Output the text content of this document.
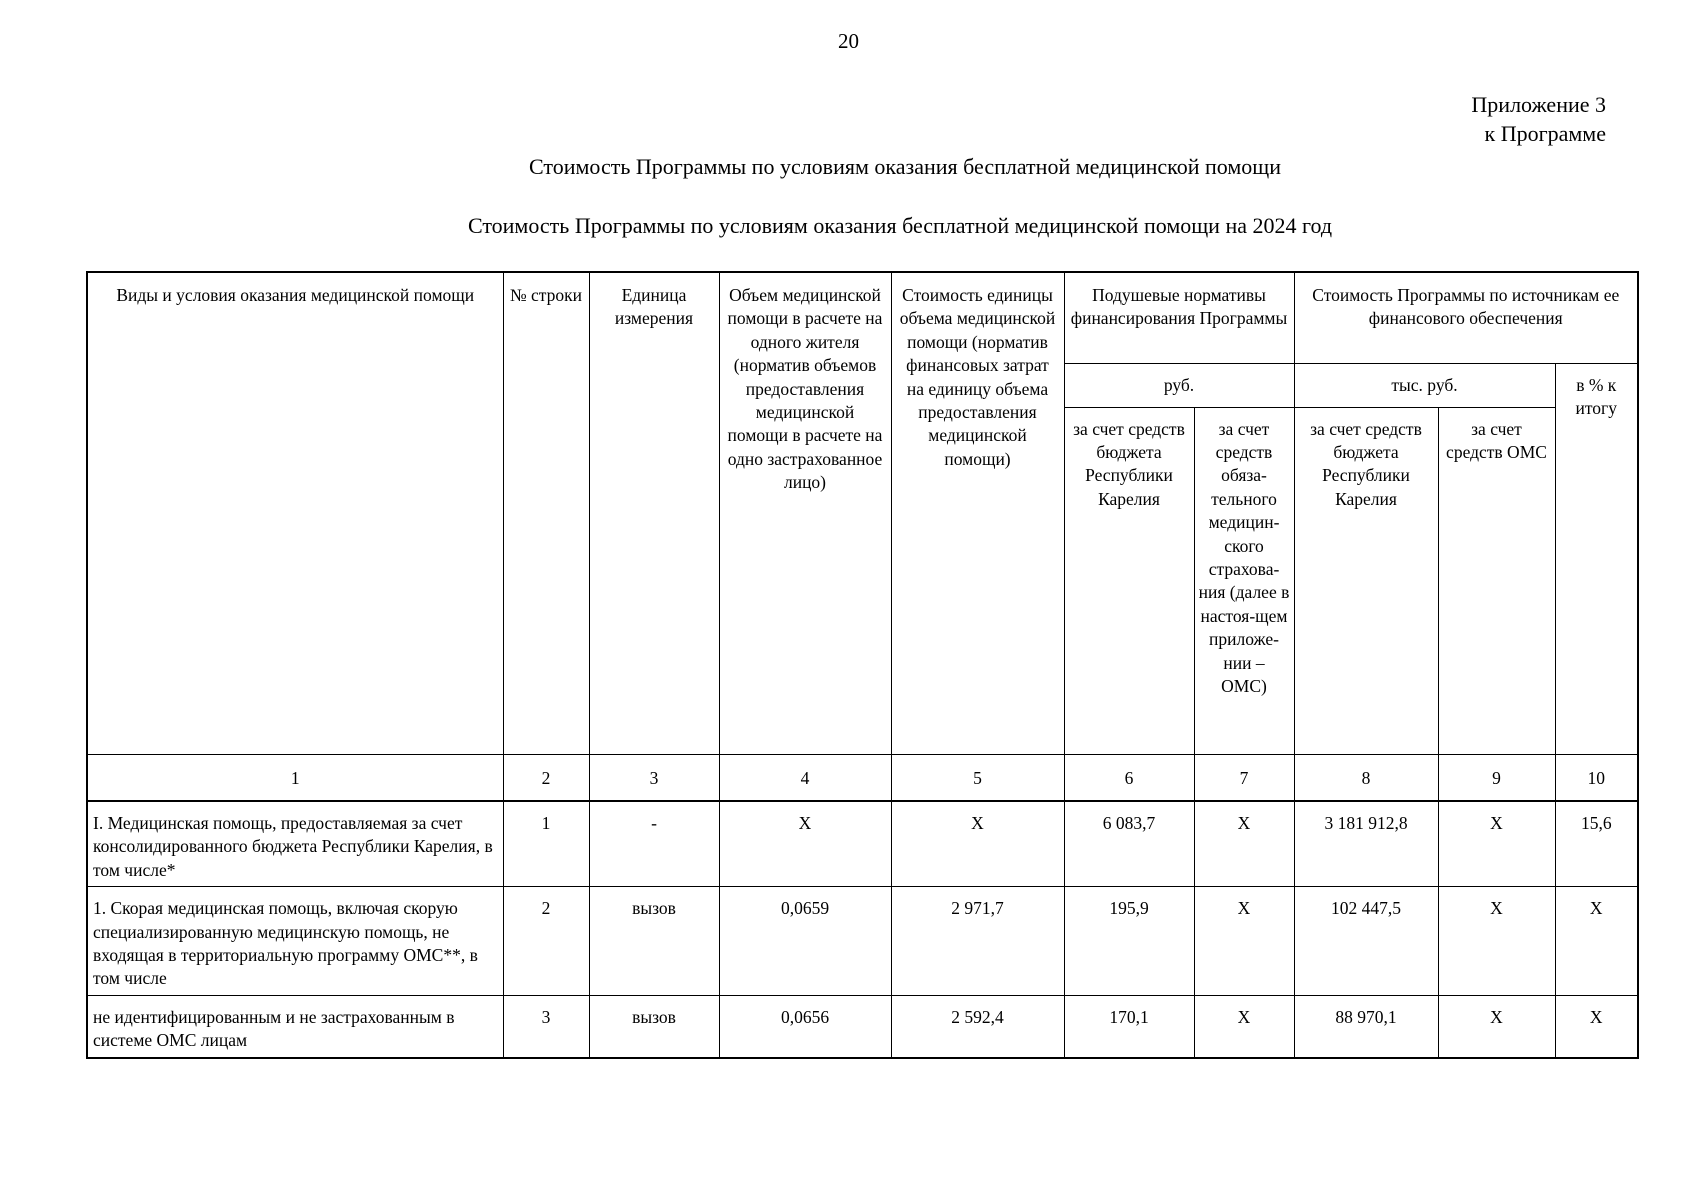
20
Приложение 3
к Программе
Стоимость Программы по условиям оказания бесплатной медицинской помощи
Стоимость Программы по условиям оказания бесплатной медицинской помощи на 2024 год
Виды и условия оказания медицинской помощи	№ строки	Единица измерения	Объем медицинской помощи в расчете на одного жителя (норматив объемов предоставления медицинской помощи в расчете на одно застрахованное лицо)	Стоимость единицы объема медицинской помощи (норматив финансовых затрат на единицу объема предоставления медицинской помощи)	Подушевые нормативы финансирования Программы		Стоимость Программы по источникам ее финансового обеспечения		
					руб.		тыс. руб.		в % к итогу
					за счет средств бюджета Республики Карелия	за счет средств обяза-тельного медицин-ского страхова-ния (далее в настоя-щем приложе-нии – ОМС)	за счет средств бюджета Республики Карелия	за счет средств ОМС	
1	2	3	4	5	6	7	8	9	10
I. Медицинская помощь, предоставляемая за счет консолидированного бюджета Республики Карелия, в том числе*	1	-	Х	Х	6 083,7	Х	3 181 912,8	Х	15,6
1. Скорая медицинская помощь, включая скорую специализированную медицинскую помощь, не входящая в территориальную программу ОМС**, в том числе	2	вызов	0,0659	2 971,7	195,9	Х	102 447,5	Х	Х
не идентифицированным и не застрахованным в системе ОМС лицам	3	вызов	0,0656	2 592,4	170,1	Х	88 970,1	Х	Х
